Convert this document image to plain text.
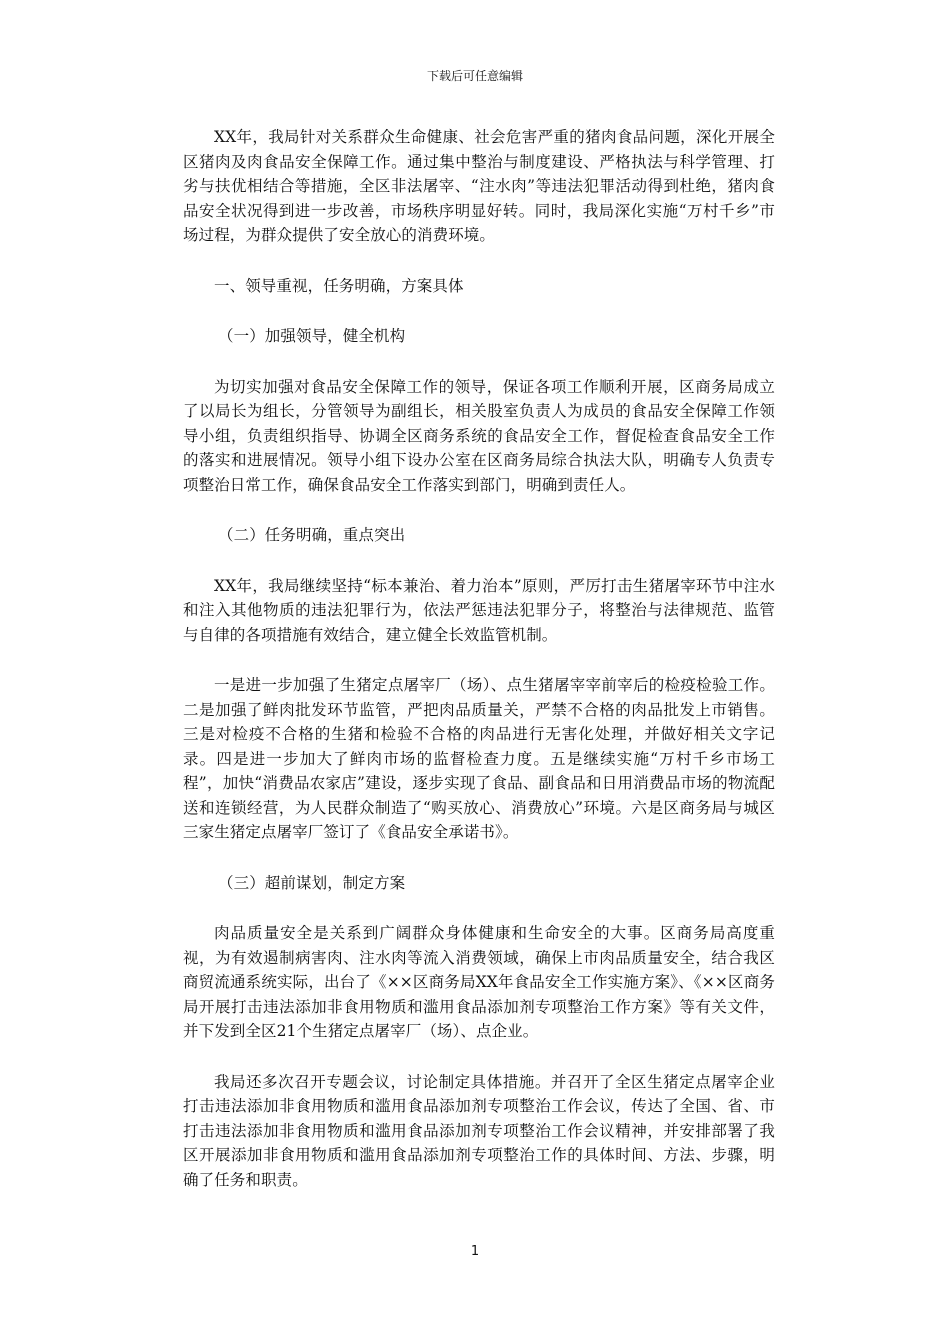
下载后可任意编辑

XX年，我局针对关系群众生命健康、社会危害严重的猪肉食品问题，深化开展全区猪肉及肉食品安全保障工作。通过集中整治与制度建设、严格执法与科学管理、打劣与扶优相结合等措施，全区非法屠宰、“注水肉”等违法犯罪活动得到杜绝，猪肉食品安全状况得到进一步改善，市场秩序明显好转。同时，我局深化实施“万村千乡”市场过程，为群众提供了安全放心的消费环境。

一、领导重视，任务明确，方案具体

（一）加强领导，健全机构

为切实加强对食品安全保障工作的领导，保证各项工作顺利开展，区商务局成立了以局长为组长，分管领导为副组长，相关股室负责人为成员的食品安全保障工作领导小组，负责组织指导、协调全区商务系统的食品安全工作，督促检查食品安全工作的落实和进展情况。领导小组下设办公室在区商务局综合执法大队，明确专人负责专项整治日常工作，确保食品安全工作落实到部门，明确到责任人。

（二）任务明确，重点突出

XX年，我局继续坚持“标本兼治、着力治本”原则，严厉打击生猪屠宰环节中注水和注入其他物质的违法犯罪行为，依法严惩违法犯罪分子，将整治与法律规范、监管与自律的各项措施有效结合，建立健全长效监管机制。

一是进一步加强了生猪定点屠宰厂（场）、点生猪屠宰宰前宰后的检疫检验工作。二是加强了鲜肉批发环节监管，严把肉品质量关，严禁不合格的肉品批发上市销售。三是对检疫不合格的生猪和检验不合格的肉品进行无害化处理，并做好相关文字记录。四是进一步加大了鲜肉市场的监督检查力度。五是继续实施“万村千乡市场工程”，加快“消费品农家店”建设，逐步实现了食品、副食品和日用消费品市场的物流配送和连锁经营，为人民群众制造了“购买放心、消费放心”环境。六是区商务局与城区三家生猪定点屠宰厂签订了《食品安全承诺书》。

（三）超前谋划，制定方案

肉品质量安全是关系到广阔群众身体健康和生命安全的大事。区商务局高度重视，为有效遏制病害肉、注水肉等流入消费领域，确保上市肉品质量安全，结合我区商贸流通系统实际，出台了《××区商务局XX年食品安全工作实施方案》、《××区商务局开展打击违法添加非食用物质和滥用食品添加剂专项整治工作方案》等有关文件，并下发到全区21个生猪定点屠宰厂（场）、点企业。

我局还多次召开专题会议，讨论制定具体措施。并召开了全区生猪定点屠宰企业打击违法添加非食用物质和滥用食品添加剂专项整治工作会议，传达了全国、省、市打击违法添加非食用物质和滥用食品添加剂专项整治工作会议精神，并安排部署了我区开展添加非食用物质和滥用食品添加剂专项整治工作的具体时间、方法、步骤，明确了任务和职责。

1
